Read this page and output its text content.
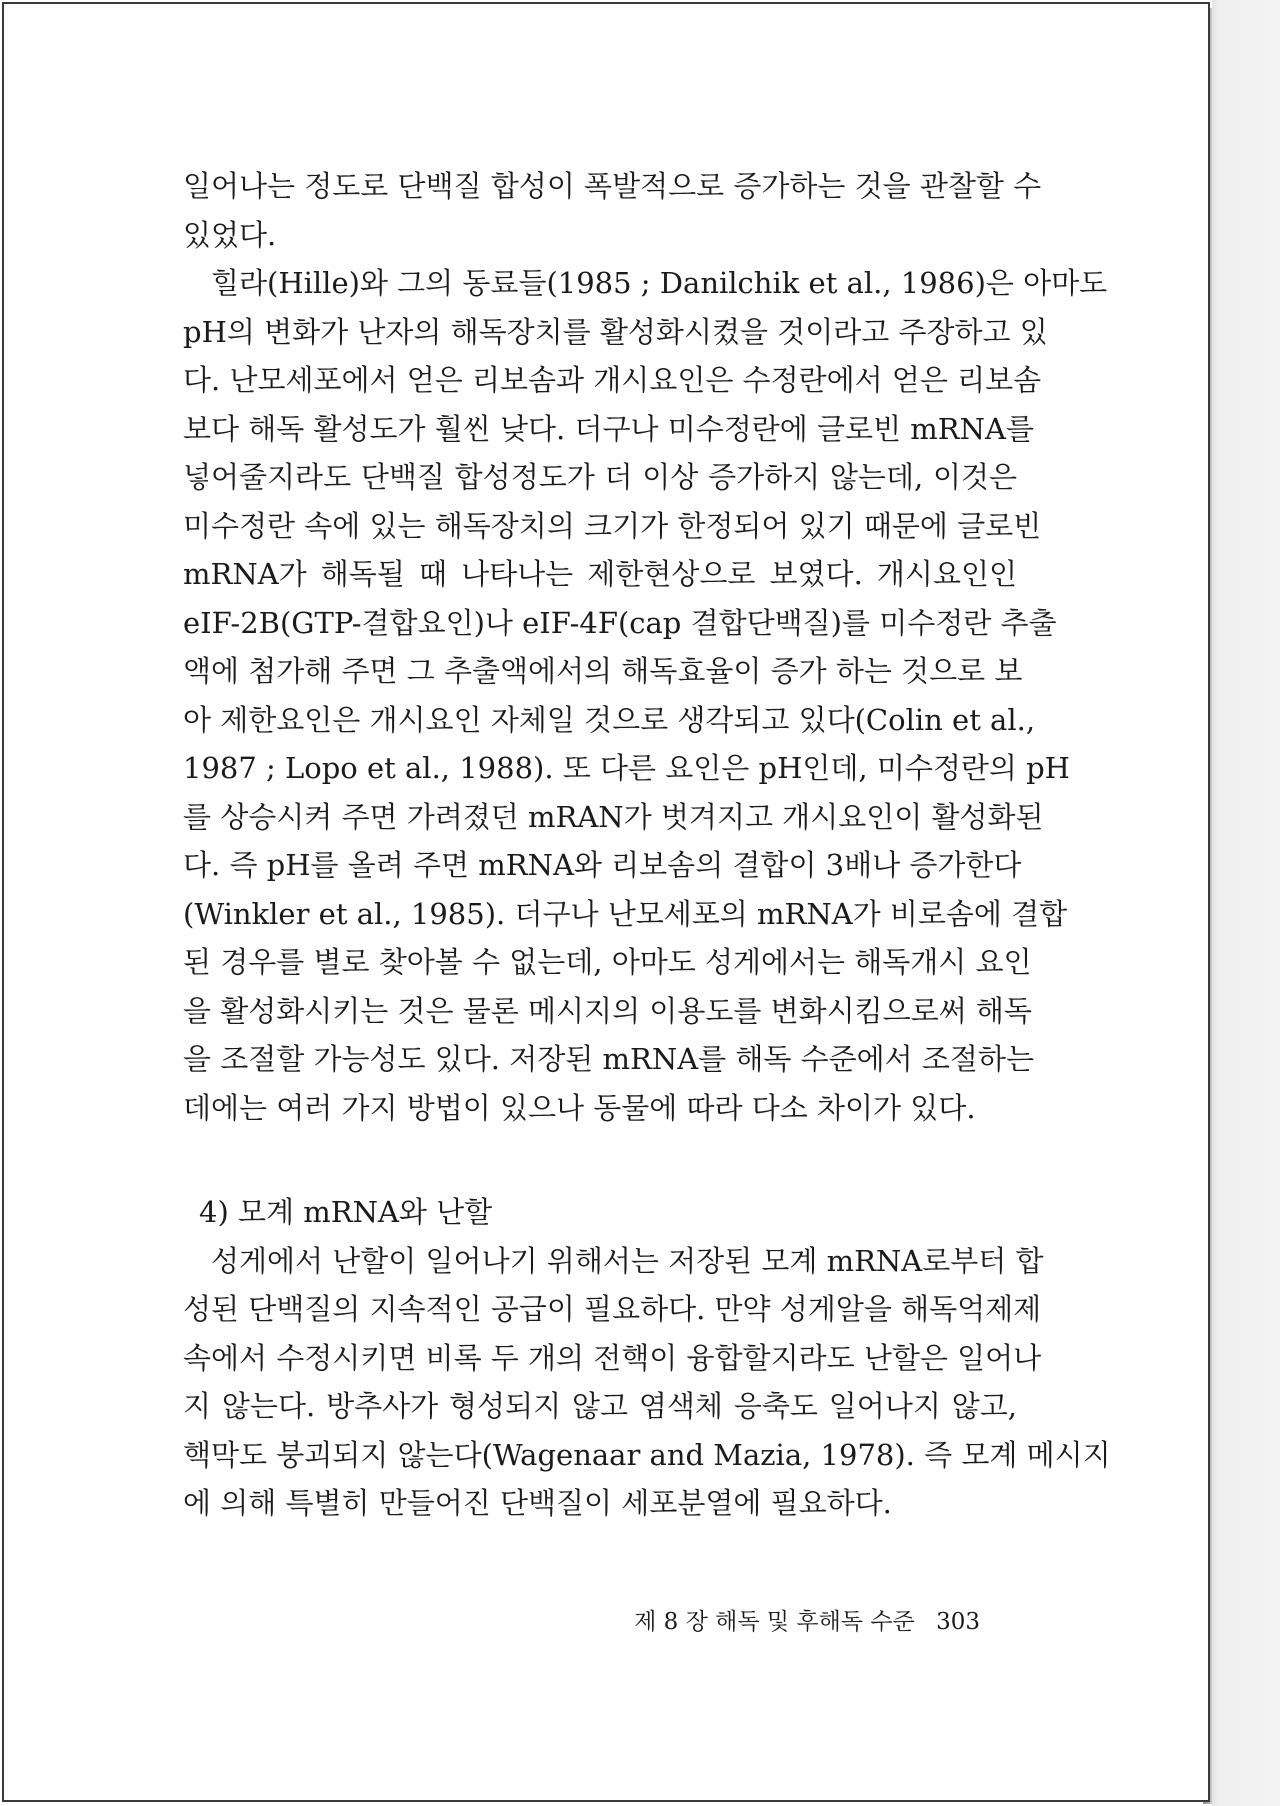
일어나는 정도로 단백질 합성이 폭발적으로 증가하는 것을 관찰할 수
있었다.
힐라(Hille)와 그의 동료들(1985 ; Danilchik et al., 1986)은 아마도
pH의 변화가 난자의 해독장치를 활성화시켰을 것이라고 주장하고 있
다. 난모세포에서 얻은 리보솜과 개시요인은 수정란에서 얻은 리보솜
보다 해독 활성도가 훨씬 낮다. 더구나 미수정란에 글로빈 mRNA를
넣어줄지라도 단백질 합성정도가 더 이상 증가하지 않는데, 이것은
미수정란 속에 있는 해독장치의 크기가 한정되어 있기 때문에 글로빈
mRNA가 해독될 때 나타나는 제한현상으로 보였다. 개시요인인
eIF-2B(GTP-결합요인)나 eIF-4F(cap 결합단백질)를 미수정란 추출
액에 첨가해 주면 그 추출액에서의 해독효율이 증가 하는 것으로 보
아 제한요인은 개시요인 자체일 것으로 생각되고 있다(Colin et al.,
1987 ; Lopo et al., 1988). 또 다른 요인은 pH인데, 미수정란의 pH
를 상승시켜 주면 가려졌던 mRAN가 벗겨지고 개시요인이 활성화된
다. 즉 pH를 올려 주면 mRNA와 리보솜의 결합이 3배나 증가한다
(Winkler et al., 1985). 더구나 난모세포의 mRNA가 비로솜에 결합
된 경우를 별로 찾아볼 수 없는데, 아마도 성게에서는 해독개시 요인
을 활성화시키는 것은 물론 메시지의 이용도를 변화시킴으로써 해독
을 조절할 가능성도 있다. 저장된 mRNA를 해독 수준에서 조절하는
데에는 여러 가지 방법이 있으나 동물에 따라 다소 차이가 있다.
4) 모계 mRNA와 난할
성게에서 난할이 일어나기 위해서는 저장된 모계 mRNA로부터 합
성된 단백질의 지속적인 공급이 필요하다. 만약 성게알을 해독억제제
속에서 수정시키면 비록 두 개의 전핵이 융합할지라도 난할은 일어나
지 않는다. 방추사가 형성되지 않고 염색체 응축도 일어나지 않고,
핵막도 붕괴되지 않는다(Wagenaar and Mazia, 1978). 즉 모계 메시지
에 의해 특별히 만들어진 단백질이 세포분열에 필요하다.
제 8 장 해독 및 후해독 수준 303
